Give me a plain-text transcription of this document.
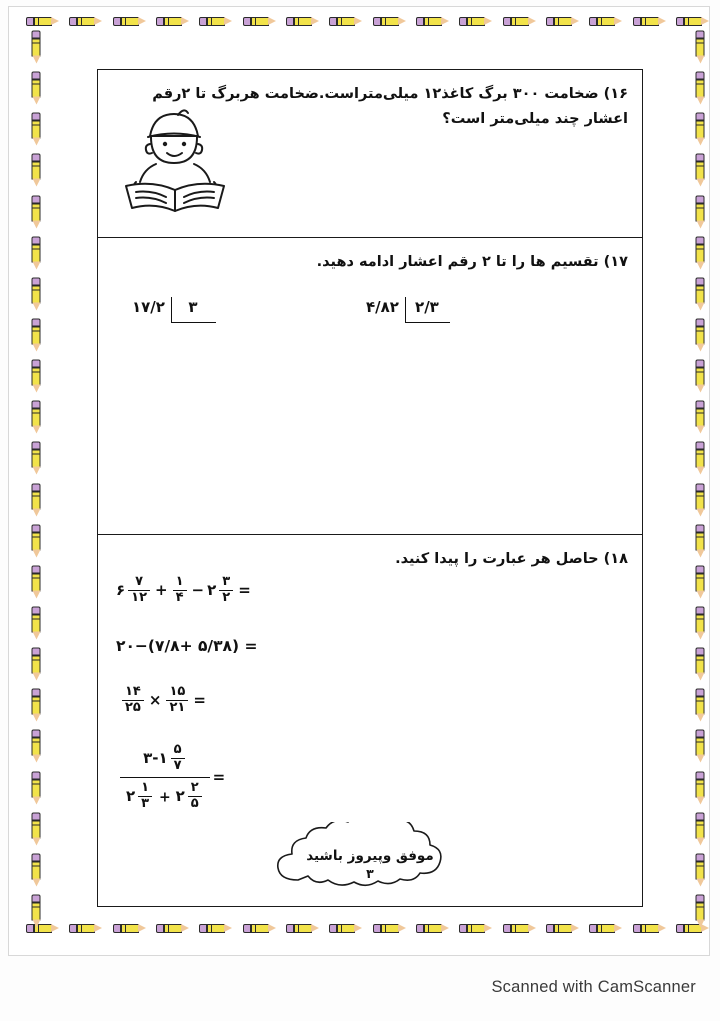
۱۶) ضخامت ۳۰۰ برگ کاغذ۱۲ میلی‌متراست.ضخامت هربرگ تا ۲رقم اعشار چند میلی‌متر است؟
۱۷) تقسیم ها را تا ۲ رقم اعشار ادامه دهید.
۴/۸۲ ۲/۳
۱۷/۲ ۳
۱۸) حاصل هر عبارت را پیدا کنید.
۶ $\frac{۷}{۱۲} + \frac{۱}{۴}$ − ۲ $\frac{۳}{۲}$ =
۲۰−(۷/۸+ ۵/۳۸) =
$\frac{۱۴}{۲۵} \times \frac{۱۵}{۲۱}$ =
۳-۱ $\frac{۵}{۷}$
۲ $\frac{۱}{۳}$ + ۲ $\frac{۲}{۵}$
=
موفق وپیروز باشید
۳
Scanned with CamScanner
